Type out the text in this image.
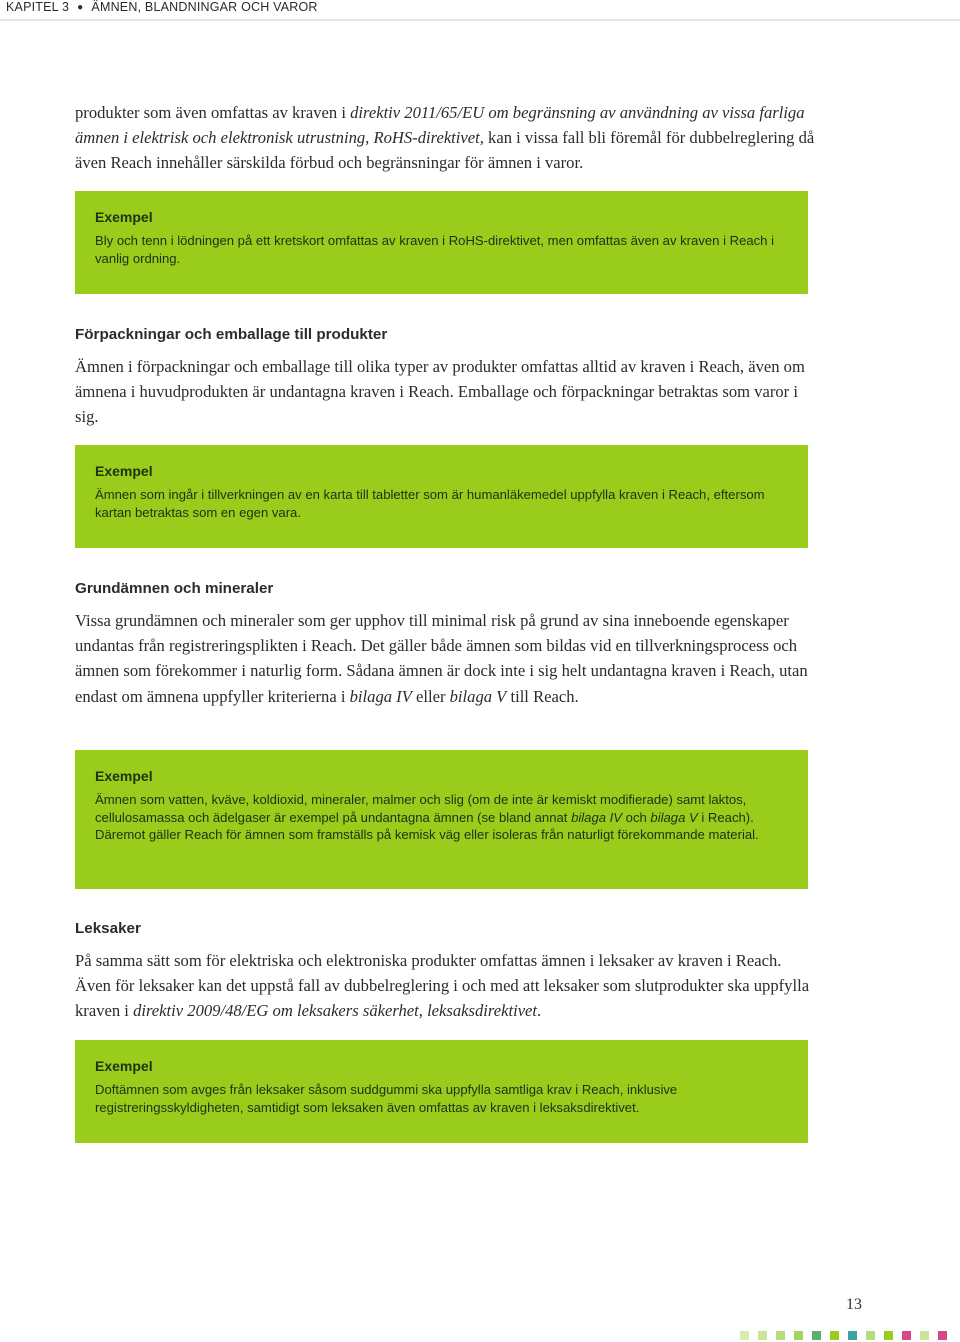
KAPITEL 3 ● ÄMNEN, BLANDNINGAR OCH VAROR

produkter som även omfattas av kraven i direktiv 2011/65/EU om begränsning av användning av vissa farliga ämnen i elektrisk och elektronisk utrustning, RoHS-direktivet, kan i vissa fall bli föremål för dubbelreglering då även Reach innehåller särskilda förbud och begränsningar för ämnen i varor.

Exempel

Bly och tenn i lödningen på ett kretskort omfattas av kraven i RoHS-direktivet, men omfattas även av kraven i Reach i vanlig ordning.

Förpackningar och emballage till produkter

Ämnen i förpackningar och emballage till olika typer av produkter omfattas alltid av kraven i Reach, även om ämnena i huvudprodukten är undantagna kraven i Reach. Emballage och förpackningar betraktas som varor i sig.

Exempel

Ämnen som ingår i tillverkningen av en karta till tabletter som är humanläkemedel uppfylla kraven i Reach, eftersom kartan betraktas som en egen vara.

Grundämnen och mineraler

Vissa grundämnen och mineraler som ger upphov till minimal risk på grund av sina inneboende egenskaper undantas från registreringsplikten i Reach. Det gäller både ämnen som bildas vid en tillverkningsprocess och ämnen som förekommer i naturlig form. Sådana ämnen är dock inte i sig helt undantagna kraven i Reach, utan endast om ämnena uppfyller kriterierna i bilaga IV eller bilaga V till Reach.

Exempel

Ämnen som vatten, kväve, koldioxid, mineraler, malmer och slig (om de inte är kemiskt modifierade) samt laktos, cellulosamassa och ädelgaser är exempel på undantagna ämnen (se bland annat bilaga IV och bilaga V i Reach). Däremot gäller Reach för ämnen som framställs på kemisk väg eller isoleras från naturligt förekommande material.

Leksaker

På samma sätt som för elektriska och elektroniska produkter omfattas ämnen i leksaker av kraven i Reach. Även för leksaker kan det uppstå fall av dubbelreglering i och med att leksaker som slutprodukter ska uppfylla kraven i direktiv 2009/48/EG om leksakers säkerhet, leksaksdirektivet.

Exempel

Doftämnen som avges från leksaker såsom suddgummi ska uppfylla samtliga krav i Reach, inklusive registreringsskyldigheten, samtidigt som leksaken även omfattas av kraven i leksaksdirektivet.

13
